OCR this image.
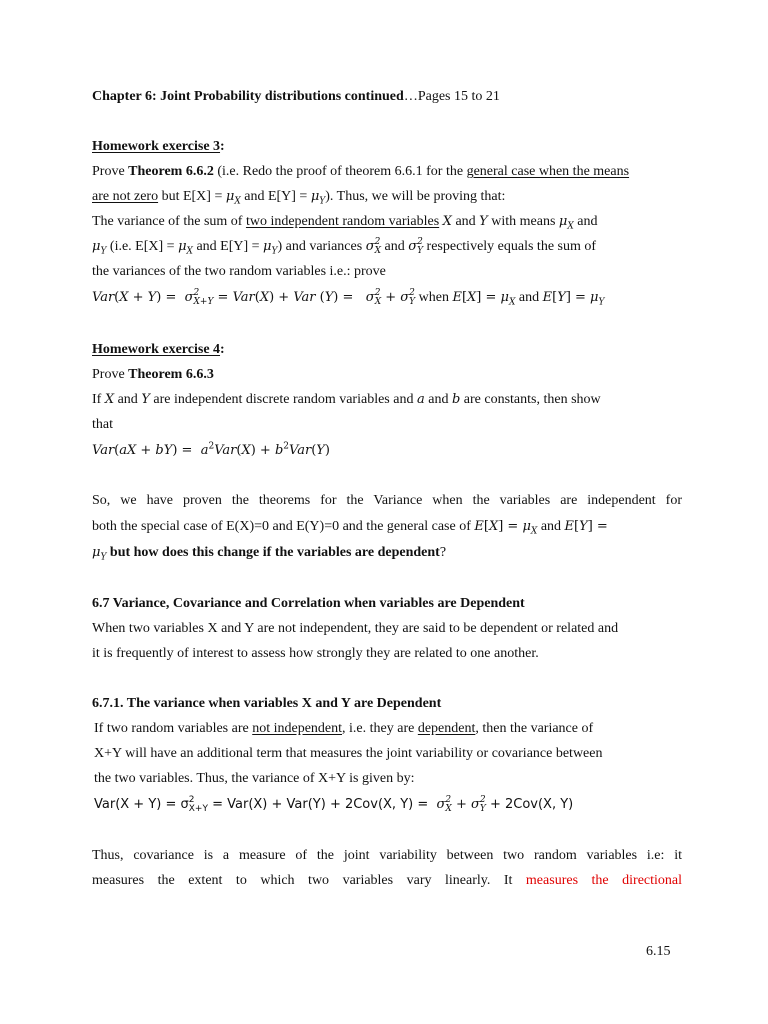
Chapter 6: Joint Probability distributions continued…Pages 15 to 21
Homework exercise 3:
Prove Theorem 6.6.2 (i.e. Redo the proof of theorem 6.6.1 for the general case when the means
are not zero but $E[X] = \mu_X$ and $E[Y] = \mu_Y$). Thus, we will be proving that:
The variance of the sum of two independent random variables X and Y with means $\mu_X$ and
$\mu_Y$ (i.e. $E[X] = \mu_X$ and $E[Y] = \mu_Y$) and variances σ 2
X and σ 2
Y respectively equals the sum of
the variances of the two random variables i.e.: prove
Var(X + Y) =  σ 2
X+Y = Var(X) + Var (Y) =   σ 2
X + σ 2
Y when $E[X] = \mu_X$ and $E[Y] = \mu_Y$
Homework exercise 4:
Prove Theorem 6.6.3
If X and Y are independent discrete random variables and a and b are constants, then show
that
$Var(aX + bY) = a^2Var(X) + b^2Var(Y)$
So, we have proven the theorems for the Variance when the variables are independent for
both the special case of E(X)=0 and E(Y)=0 and the general case of $E[X] = \mu_X$ and E[Y] =
$\mu_Y$ but how does this change if the variables are dependent?
6.7 Variance, Covariance and Correlation when variables are Dependent
When two variables X and Y are not independent, they are said to be dependent or related and
it is frequently of interest to assess how strongly they are related to one another.
6.7.1. The variance when variables X and Y are Dependent
If two random variables are not independent, i.e. they are dependent, then the variance of
X+Y will have an additional term that measures the joint variability or covariance between
the two variables. Thus, the variance of X+Y is given by:
Var(X + Y) = σ 2
X+Y = Var(X) + Var(Y) + 2Cov(X, Y) =  σ 2
X + σ 2
Y + 2Cov(X, Y)
Thus, covariance is a measure of the joint variability between two random variables i.e: it
measures the extent to which two variables vary linearly. It measures the directional
6.15
